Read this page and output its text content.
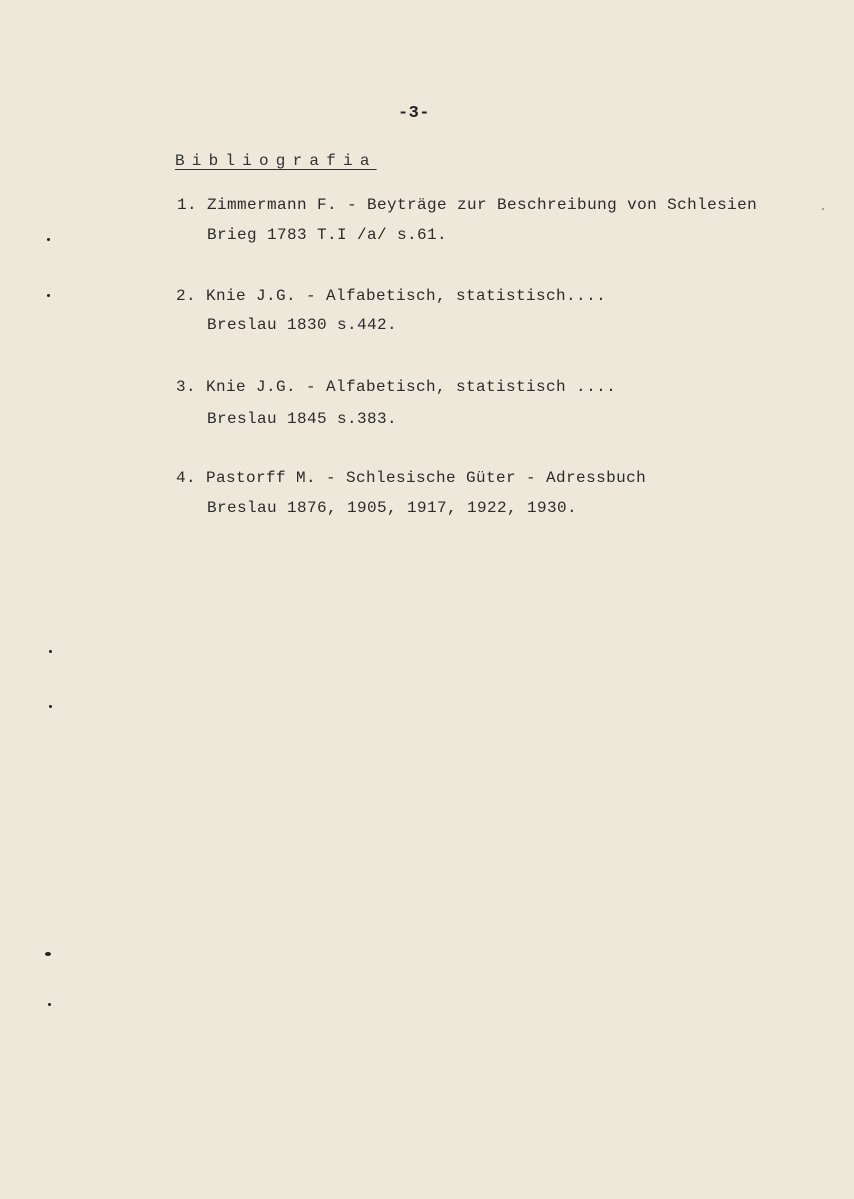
-3-
Bibliografia

1. Zimmermann F. - Beyträge zur Beschreibung von Schlesien

Brieg 1783 T.I /a/ s.61.

2. Knie J.G. - Alfabetisch, statistisch....

Breslau 1830 s.442.

3. Knie J.G. - Alfabetisch, statistisch ....

Breslau 1845 s.383.

4. Pastorff M. - Schlesische Güter - Adressbuch

Breslau 1876, 1905, 1917, 1922, 1930.
